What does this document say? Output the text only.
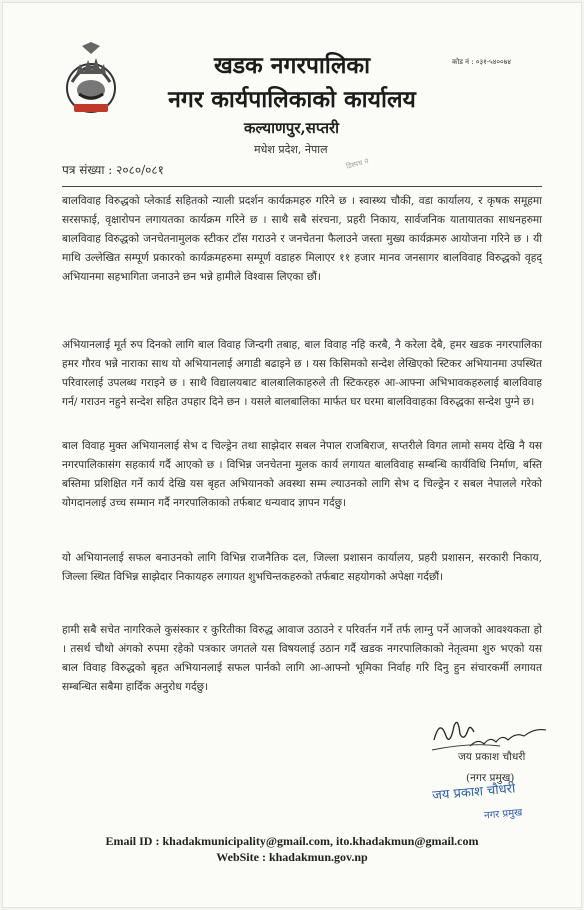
कोड नं : ०३१-५४००७४
खडक नगरपालिका
नगर कार्यपालिकाको कार्यालय
कल्याणपुर,सप्तरी
मधेश प्रदेश, नेपाल
पत्र संख्या : २०८०/०८१	डिस्पच नं
बालविवाह विरुद्धको प्लेकार्ड सहितको न्याली प्रदर्शन कार्यक्रमहरु गरिने छ । स्वास्थ्य चौकी, वडा कार्यालय, र कृषक समूहमा सरसफाई, वृक्षारोपन लगायतका कार्यक्रम गरिने छ । साथै सबै संरचना, प्रहरी निकाय, सार्वजनिक यातायातका साधनहरुमा बालविवाह विरुद्धको जनचेतनामुलक स्टीकर टाँस गराउने र जनचेतना फैलाउने जस्ता मुख्य कार्यक्रमरु आयोजना गरिने छ । यी माथि उल्लेखित सम्पूर्ण प्रकारको कार्यक्रमहरुमा सम्पूर्ण वडाहरु मिलाएर ११ हजार मानव जनसागर बालविवाह विरुद्धको वृहद् अभियानमा सहभागिता जनाउने छन भन्ने हामीले विश्वास लिएका छौं।
अभियानलाई मूर्त रुप दिनको लागि बाल विवाह जिन्दगी तबाह, बाल विवाह नहि करबै, नै करेला देबै, हमर खडक नगरपालिका हमर गौरव भन्ने नाराका साथ यो अभियानलाई अगाडी बढाइने छ । यस किसिमको सन्देश लेखिएको स्टिकर अभियानमा उपस्थित परिवारलाई उपलब्ध गराइने छ । साथै विद्यालयबाट बालबालिकाहरुले ती स्टिकरहरु आ-आफ्ना अभिभावकहरुलाई बालविवाह गर्न/ गराउन नहुने सन्देश सहित उपहार दिने छन । यसले बालबालिका मार्फत घर घरमा बालविवाहका विरुद्धका सन्देश पुग्ने छ।
बाल विवाह मुक्त अभियानलाई सेभ द चिल्ड्रेन तथा साझेदार सबल नेपाल राजबिराज, सप्तरीले विगत लामो समय देखि नै यस नगरपालिकासंग सहकार्य गर्दै आएको छ । विभिन्न जनचेतना मुलक कार्य लगायत बालविवाह सम्बन्धि कार्यविधि निर्माण, बस्ति बस्तिमा प्रशिक्षित गर्ने कार्य देखि यस बृहत अभियानको अवस्था सम्म ल्याउनको लागि सेभ द चिल्ड्रेन र सबल नेपालले गरेको योगदानलाई उच्च सम्मान गर्दै नगरपालिकाको तर्फबाट धन्यवाद ज्ञापन गर्दछु।
यो अभियानलाई सफल बनाउनको लागि विभिन्न राजनैतिक दल, जिल्ला प्रशासन कार्यालय, प्रहरी प्रशासन, सरकारी निकाय, जिल्ला स्थित विभिन्न साझेदार निकायहरु लगायत शुभचिन्तकहरुको तर्फबाट सहयोगको अपेक्षा गर्दछौं।
हामी सबै सचेत नागरिकले कुसंस्कार र कुरितीका विरुद्ध आवाज उठाउने र परिवर्तन गर्ने तर्फ लाग्नु पर्ने आजको आवश्यकता हो । तसर्थ चौथो अंगको रुपमा रहेको पत्रकार जगतले यस विषयलाई उठान गर्दै खडक नगरपालिकाको नेतृत्वमा शुरु भएको यस बाल विवाह विरुद्धको बृहत अभियानलाई सफल पार्नको लागि आ-आफ्नो भूमिका निर्वाह गरि दिनु हुन संचारकर्मी लगायत सम्बन्धित सबैमा हार्दिक अनुरोध गर्दछु।
जय प्रकाश चौधरी
(नगर प्रमुख)
जय प्रकाश चौधरी
नगर प्रमुख
Email ID : khadakmunicipality@gmail.com, ito.khadakmun@gmail.com
WebSite : khadakmun.gov.np
